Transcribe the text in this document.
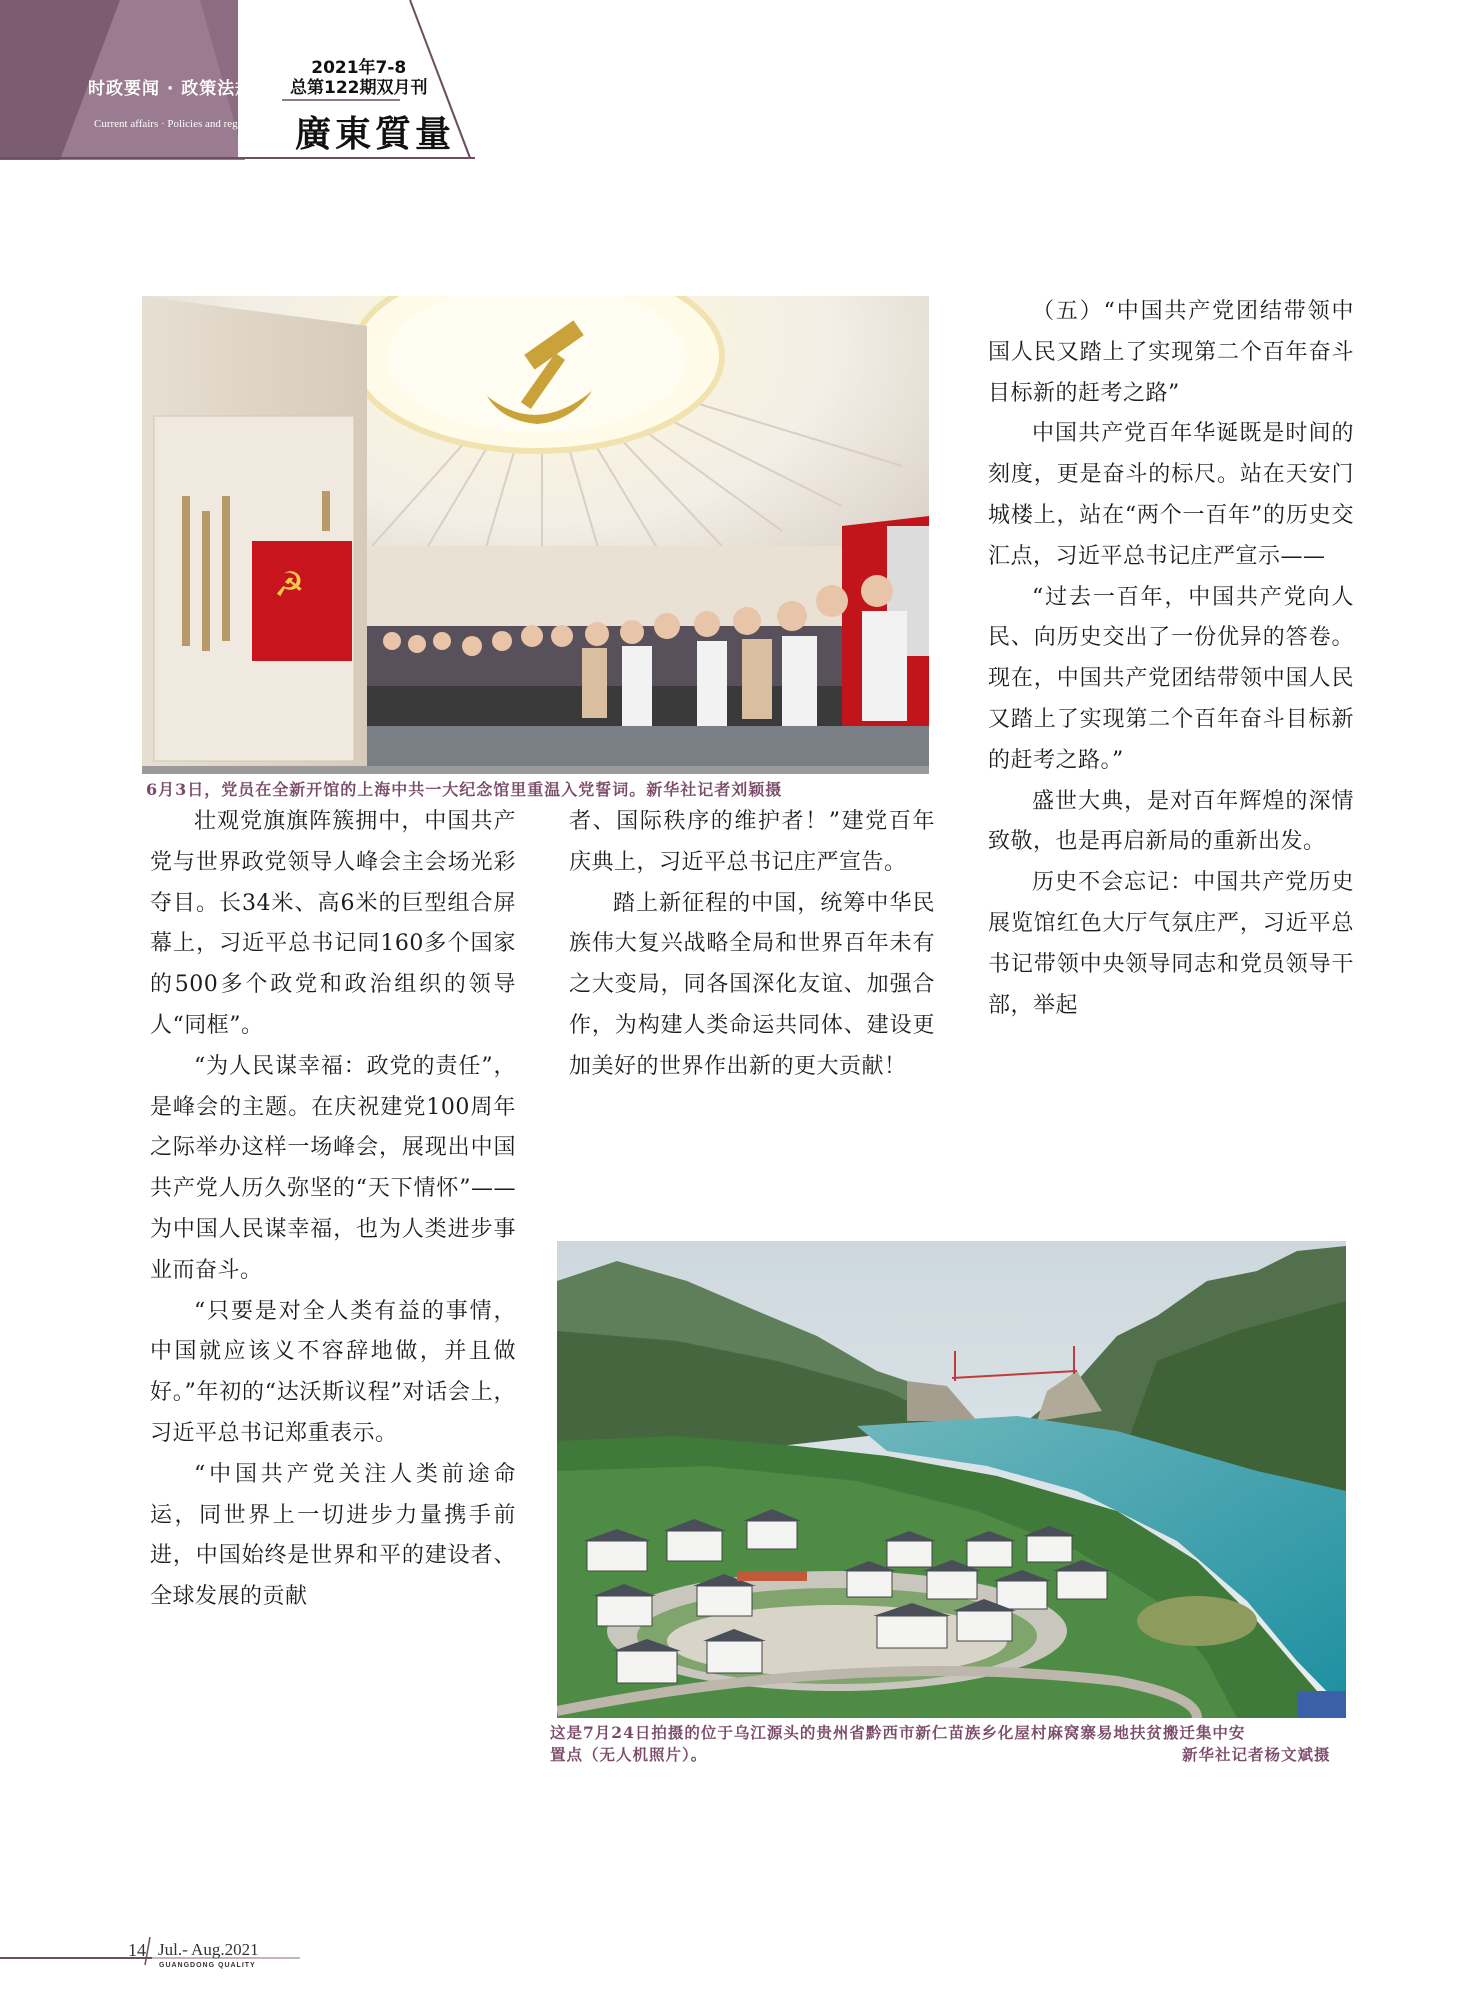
时政要闻 · 政策法规
Current affairs · Policies and regulations
2021年7-8
总第122期双月刊
廣東質量
☭
6月3日，党员在全新开馆的上海中共一大纪念馆里重温入党誓词。新华社记者刘颖摄

壮观党旗旗阵簇拥中，中国共产党与世界政党领导人峰会主会场光彩夺目。长34米、高6米的巨型组合屏幕上，习近平总书记同160多个国家的500多个政党和政治组织的领导人“同框”。

“为人民谋幸福：政党的责任”，是峰会的主题。在庆祝建党100周年之际举办这样一场峰会，展现出中国共产党人历久弥坚的“天下情怀”——为中国人民谋幸福，也为人类进步事业而奋斗。

“只要是对全人类有益的事情，中国就应该义不容辞地做，并且做好。”年初的“达沃斯议程”对话会上，习近平总书记郑重表示。

“中国共产党关注人类前途命运，同世界上一切进步力量携手前进，中国始终是世界和平的建设者、全球发展的贡献

者、国际秩序的维护者！”建党百年庆典上，习近平总书记庄严宣告。

踏上新征程的中国，统筹中华民族伟大复兴战略全局和世界百年未有之大变局，同各国深化友谊、加强合作，为构建人类命运共同体、建设更加美好的世界作出新的更大贡献！

（五）“中国共产党团结带领中国人民又踏上了实现第二个百年奋斗目标新的赶考之路”

中国共产党百年华诞既是时间的刻度，更是奋斗的标尺。站在天安门城楼上，站在“两个一百年”的历史交汇点，习近平总书记庄严宣示——

“过去一百年，中国共产党向人民、向历史交出了一份优异的答卷。现在，中国共产党团结带领中国人民又踏上了实现第二个百年奋斗目标新的赶考之路。”

盛世大典，是对百年辉煌的深情致敬，也是再启新局的重新出发。

历史不会忘记：中国共产党历史展览馆红色大厅气氛庄严，习近平总书记带领中央领导同志和党员领导干部，举起

这是7月24日拍摄的位于乌江源头的贵州省黔西市新仁苗族乡化屋村麻窝寨易地扶贫搬迁集中安
置点（无人机照片）。	新华社记者杨文斌摄
14 Jul.- Aug.2021
GUANGDONG QUALITY
